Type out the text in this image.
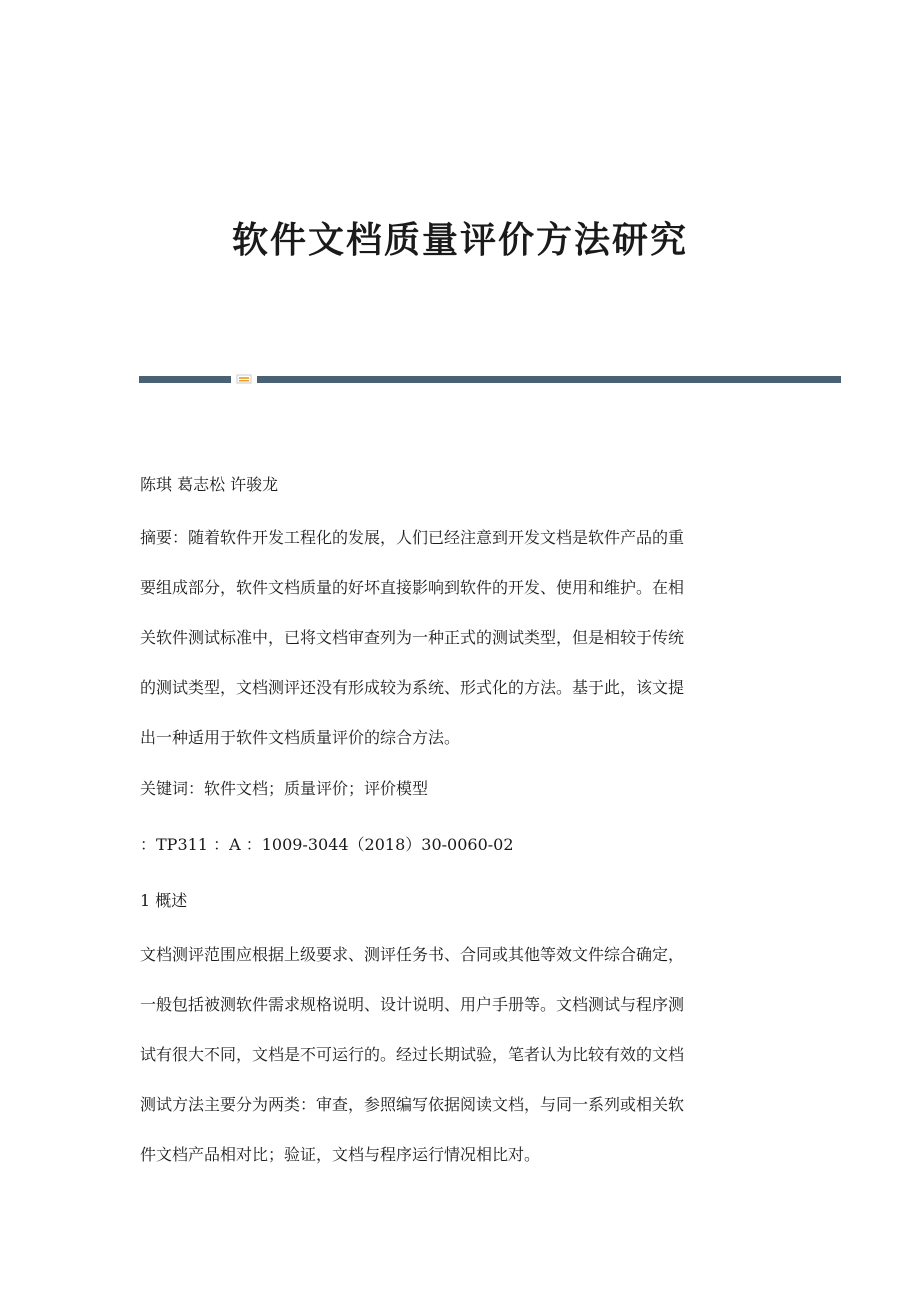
软件文档质量评价方法研究

陈琪 葛志松 许骏龙

摘要：随着软件开发工程化的发展，人们已经注意到开发文档是软件产品的重
要组成部分，软件文档质量的好坏直接影响到软件的开发、使用和维护。在相
关软件测试标准中，已将文档审查列为一种正式的测试类型，但是相较于传统
的测试类型，文档测评还没有形成较为系统、形式化的方法。基于此，该文提
出一种适用于软件文档质量评价的综合方法。

关键词：软件文档；质量评价；评价模型

：TP311 ：A ：1009-3044（2018）30-0060-02

1 概述

文档测评范围应根据上级要求、测评任务书、合同或其他等效文件综合确定，
一般包括被测软件需求规格说明、设计说明、用户手册等。文档测试与程序测
试有很大不同，文档是不可运行的。经过长期试验，笔者认为比较有效的文档
测试方法主要分为两类：审查，参照编写依据阅读文档，与同一系列或相关软
件文档产品相对比；验证，文档与程序运行情况相比对。
